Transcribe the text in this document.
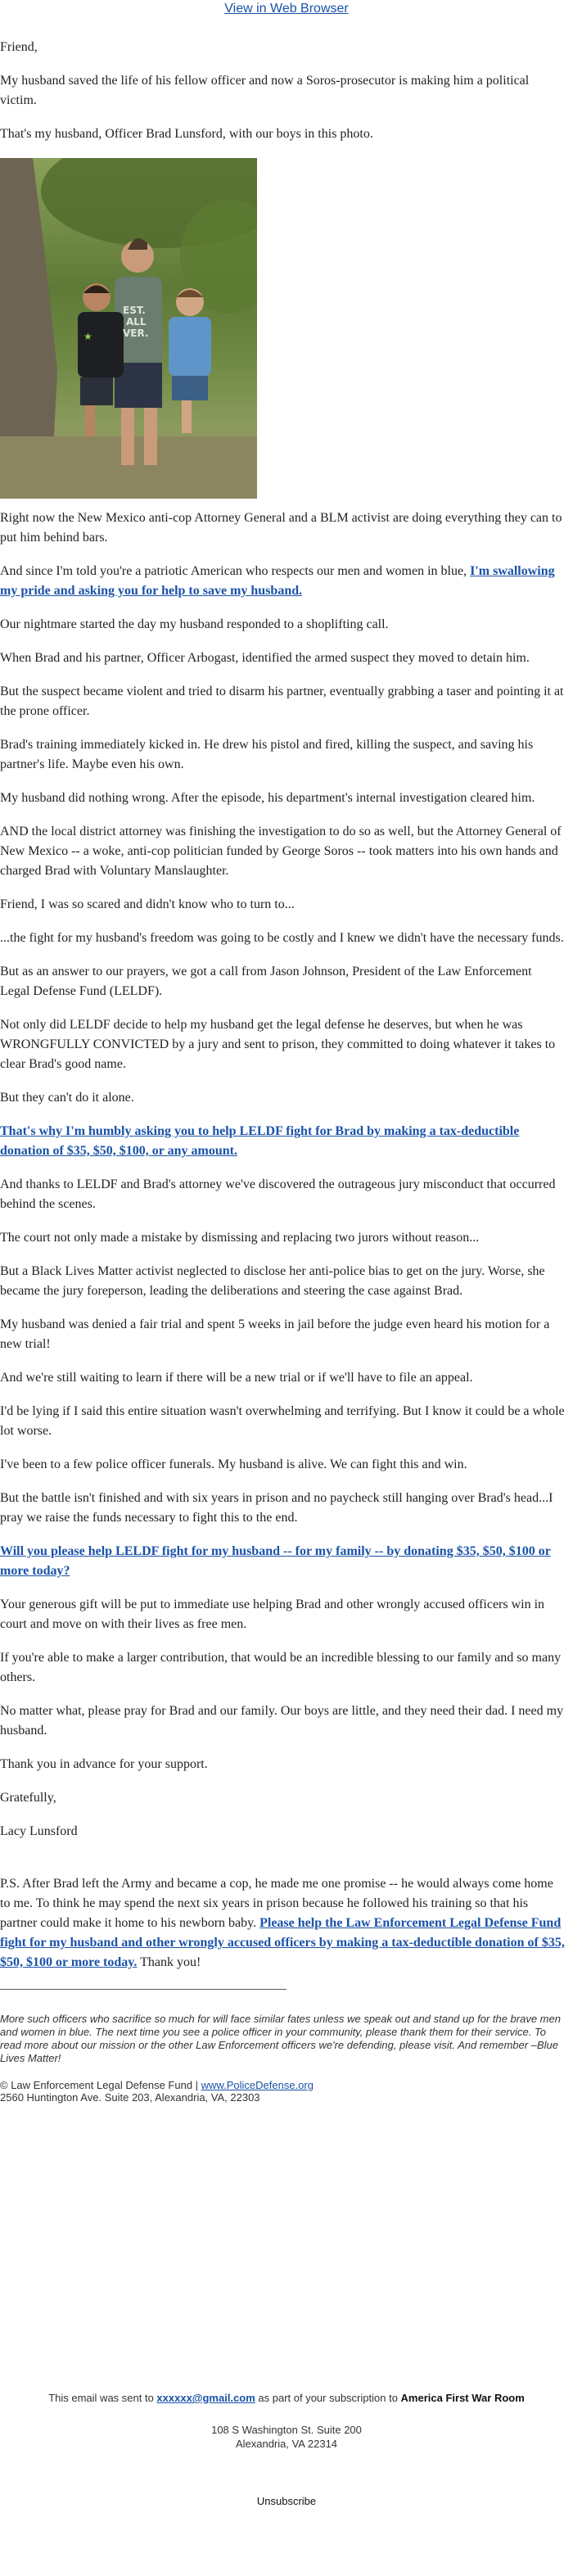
View in Web Browser

Friend,

My husband saved the life of his fellow officer and now a Soros-prosecutor is making him a political victim.

That's my husband, Officer Brad Lunsford, with our boys in this photo.

★
EST.
ALL
VER.

Right now the New Mexico anti-cop Attorney General and a BLM activist are doing everything they can to put him behind bars.

And since I'm told you're a patriotic American who respects our men and women in blue, I'm swallowing my pride and asking you for help to save my husband.

Our nightmare started the day my husband responded to a shoplifting call.

When Brad and his partner, Officer Arbogast, identified the armed suspect they moved to detain him.

But the suspect became violent and tried to disarm his partner, eventually grabbing a taser and pointing it at the prone officer.

Brad's training immediately kicked in. He drew his pistol and fired, killing the suspect, and saving his partner's life. Maybe even his own.

My husband did nothing wrong. After the episode, his department's internal investigation cleared him.

AND the local district attorney was finishing the investigation to do so as well, but the Attorney General of New Mexico -- a woke, anti-cop politician funded by George Soros -- took matters into his own hands and charged Brad with Voluntary Manslaughter.

Friend, I was so scared and didn't know who to turn to...

...the fight for my husband's freedom was going to be costly and I knew we didn't have the necessary funds.

But as an answer to our prayers, we got a call from Jason Johnson, President of the Law Enforcement Legal Defense Fund (LELDF).

Not only did LELDF decide to help my husband get the legal defense he deserves, but when he was WRONGFULLY CONVICTED by a jury and sent to prison, they committed to doing whatever it takes to clear Brad's good name.

But they can't do it alone.

That's why I'm humbly asking you to help LELDF fight for Brad by making a tax-deductible donation of $35, $50, $100, or any amount.

And thanks to LELDF and Brad's attorney we've discovered the outrageous jury misconduct that occurred behind the scenes.

The court not only made a mistake by dismissing and replacing two jurors without reason...

But a Black Lives Matter activist neglected to disclose her anti-police bias to get on the jury. Worse, she became the jury foreperson, leading the deliberations and steering the case against Brad.

My husband was denied a fair trial and spent 5 weeks in jail before the judge even heard his motion for a new trial!

And we're still waiting to learn if there will be a new trial or if we'll have to file an appeal.

I'd be lying if I said this entire situation wasn't overwhelming and terrifying. But I know it could be a whole lot worse.

I've been to a few police officer funerals. My husband is alive. We can fight this and win.

But the battle isn't finished and with six years in prison and no paycheck still hanging over Brad's head...I pray we raise the funds necessary to fight this to the end.

Will you please help LELDF fight for my husband -- for my family -- by donating $35, $50, $100 or more today?

Your generous gift will be put to immediate use helping Brad and other wrongly accused officers win in court and move on with their lives as free men.

If you're able to make a larger contribution, that would be an incredible blessing to our family and so many others.

No matter what, please pray for Brad and our family. Our boys are little, and they need their dad. I need my husband.

Thank you in advance for your support.

Gratefully,

Lacy Lunsford

P.S. After Brad left the Army and became a cop, he made me one promise -- he would always come home to me. To think he may spend the next six years in prison because he followed his training so that his partner could make it home to his newborn baby. Please help the Law Enforcement Legal Defense Fund fight for my husband and other wrongly accused officers by making a tax-deductible donation of $35, $50, $100 or more today. Thank you!

More such officers who sacrifice so much for will face similar fates unless we speak out and stand up for the brave men and women in blue. The next time you see a police officer in your community, please thank them for their service. To read more about our mission or the other Law Enforcement officers we're defending, please visit. And remember –Blue Lives Matter!

© Law Enforcement Legal Defense Fund | www.PoliceDefense.org
2560 Huntington Ave. Suite 203, Alexandria, VA, 22303
This email was sent to xxxxxx@gmail.com as part of your subscription to America First War Room
108 S Washington St. Suite 200
Alexandria, VA 22314
Unsubscribe
